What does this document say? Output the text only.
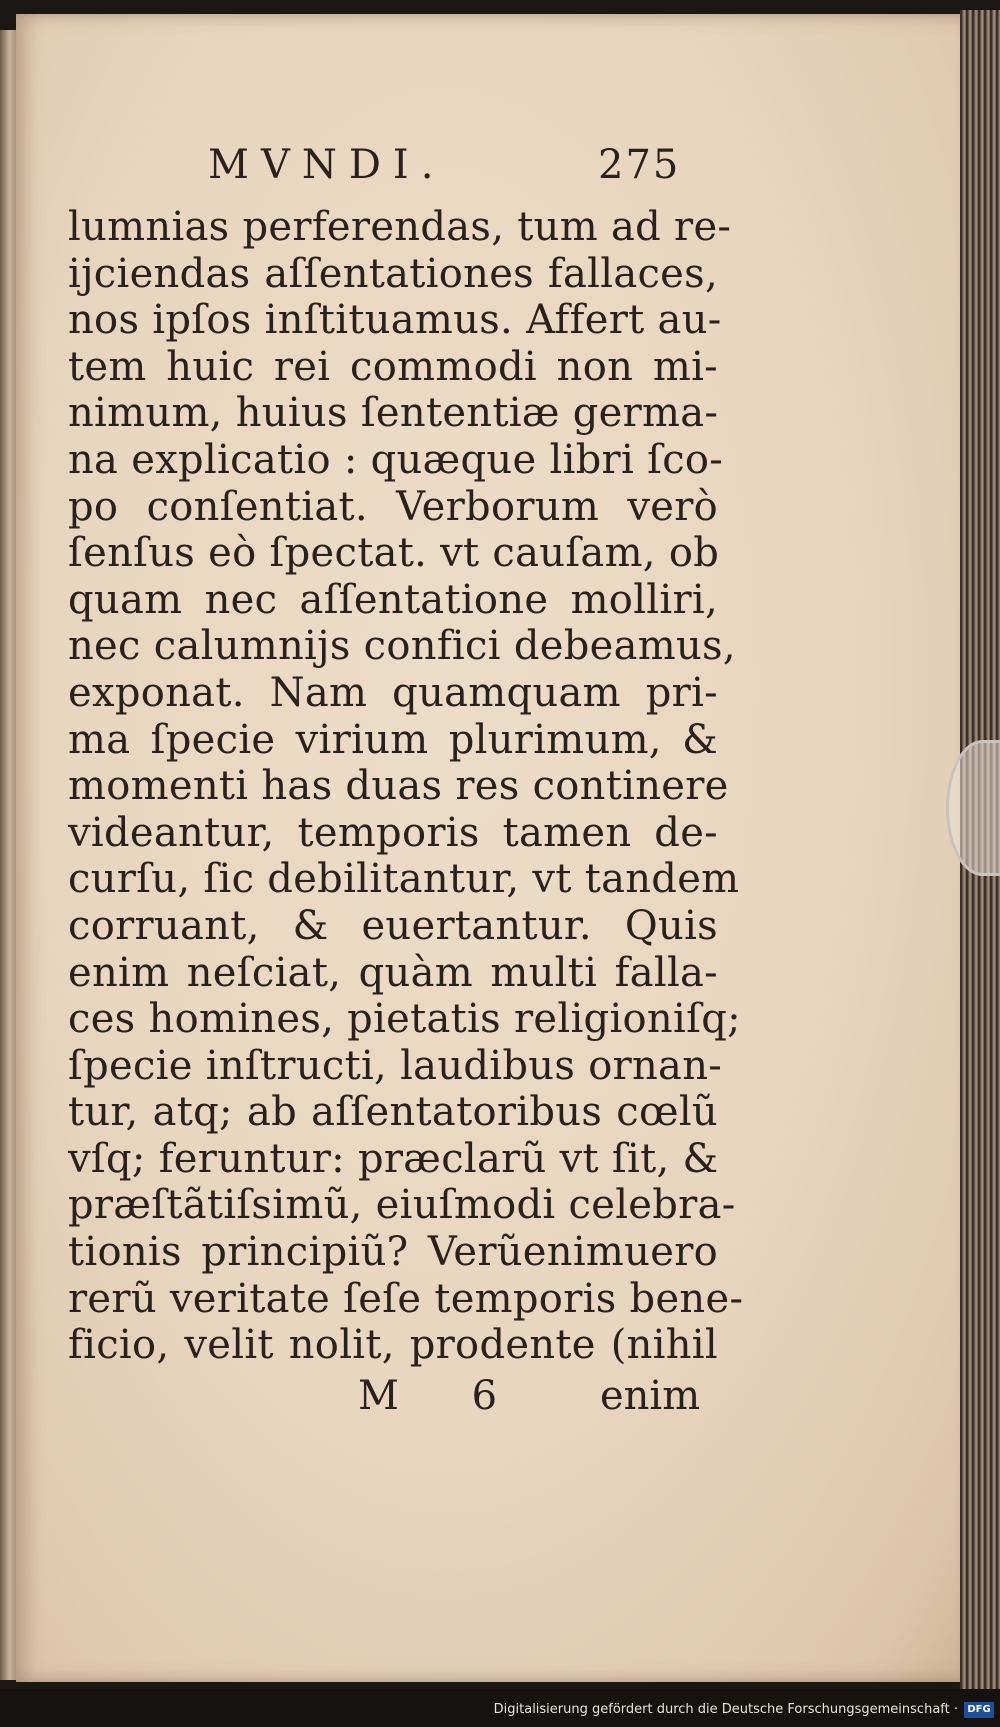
MVNDI.	275
lumnias perferendas, tum ad re-
ijciendas aſſentationes fallaces,
nos ipſos inſtituamus. Affert au-
tem huic rei commodi non mi-
nimum, huius ſententiæ germa-
na explicatio : quæque libri ſco-
po conſentiat. Verborum verò
ſenſus eò ſpectat. vt cauſam, ob
quam nec aſſentatione molliri,
nec calumnijs confici debeamus,
exponat. Nam quamquam pri-
ma ſpecie virium plurimum, &
momenti has duas res continere
videantur, temporis tamen de-
curſu, ſic debilitantur, vt tandem
corruant, & euertantur. Quis
enim neſciat, quàm multi falla-
ces homines, pietatis religioniſq;
ſpecie inſtructi, laudibus ornan-
tur, atq; ab aſſentatoribus cœlũ
vſq; feruntur: præclarũ vt ſit, &
præſtãtiſsimũ, eiuſmodi celebra-
tionis principiũ? Verũenimuero
rerũ veritate ſeſe temporis bene-
ficio, velit nolit, prodente (nihil
M 6 enim
Digitalisierung gefördert durch die Deutsche Forschungsgemeinschaft · DFG
